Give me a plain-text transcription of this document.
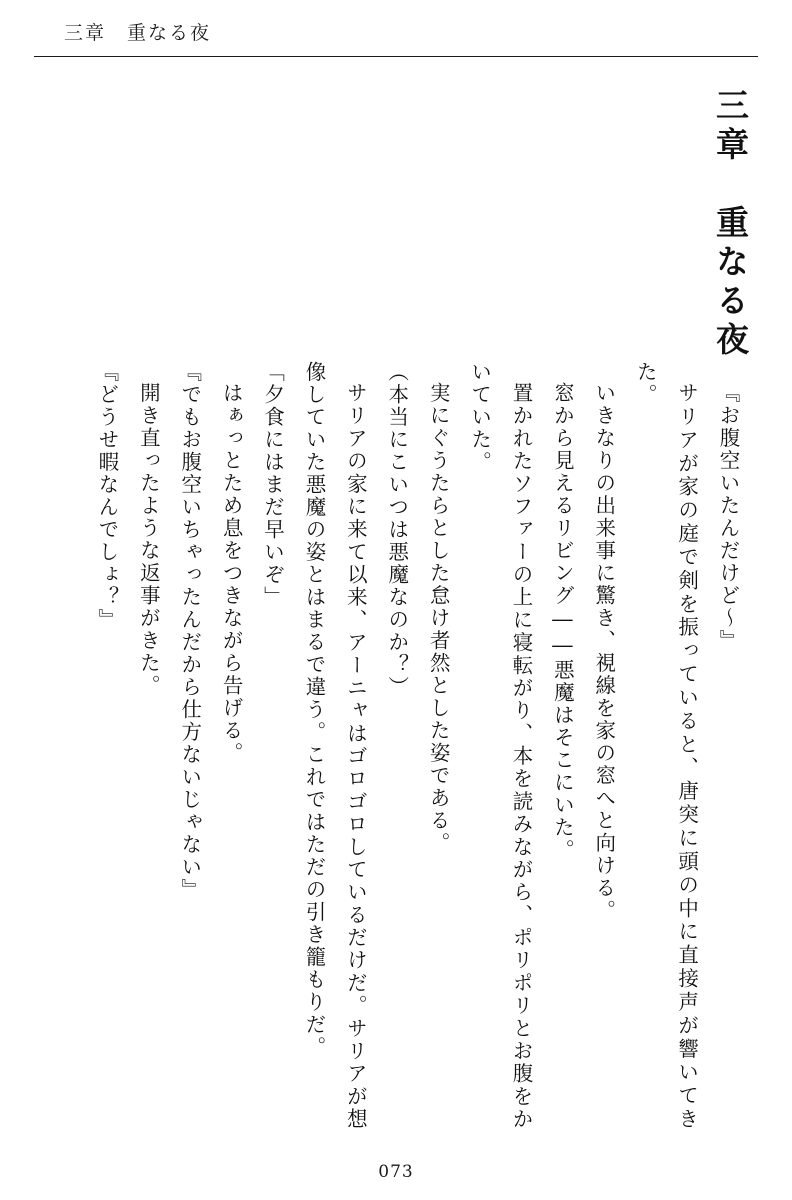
三章　重なる夜
三章　重なる夜

『お腹空いたんだけど～』

サリアが家の庭で剣を振っていると、唐突に頭の中に直接声が響いてきた。

いきなりの出来事に驚き、視線を家の窓へと向ける。

窓から見えるリビング――悪魔はそこにいた。

置かれたソファーの上に寝転がり、本を読みながら、ポリポリとお腹をかいていた。

実にぐうたらとした怠け者然とした姿である。

（本当にこいつは悪魔なのか？）

サリアの家に来て以来、アーニャはゴロゴロしているだけだ。サリアが想像していた悪魔の姿とはまるで違う。これではただの引き籠もりだ。

「夕食にはまだ早いぞ」

はぁっとため息をつきながら告げる。

『でもお腹空いちゃったんだから仕方ないじゃない』

開き直ったような返事がきた。

『どうせ暇なんでしょ？』

073
